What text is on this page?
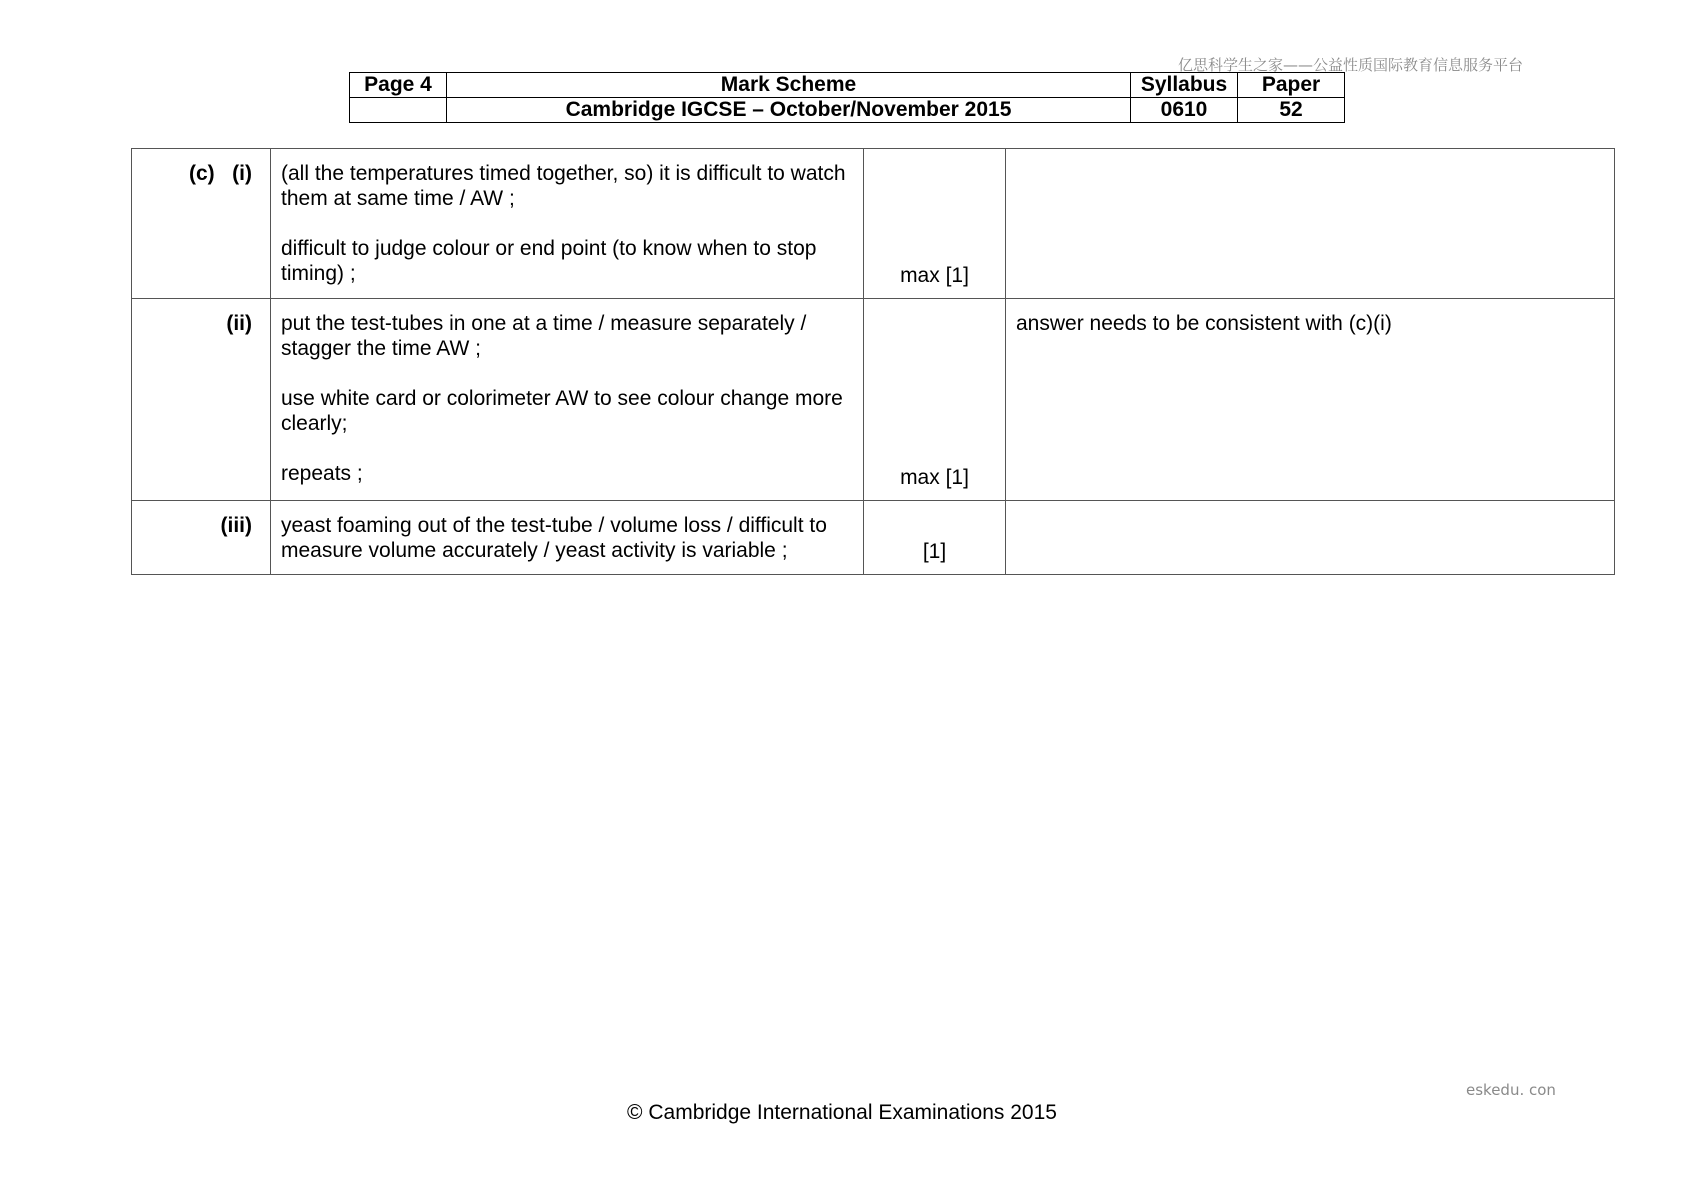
亿思科学生之家——公益性质国际教育信息服务平台
Page 4	Mark Scheme	Syllabus	Paper
	Cambridge IGCSE – October/November 2015	0610	52
(c)   (i)	(all the temperatures timed together, so) it is difficult to watch them at same time / AW ;

difficult to judge colour or end point (to know when to stop timing) ;	max [1]	

(ii)	put the test-tubes in one at a time / measure separately / stagger the time AW ;

use white card or colorimeter AW to see colour change more clearly;

repeats ;	max [1]	answer needs to be consistent with (c)(i)

(iii)	yeast foaming out of the test-tube / volume loss / difficult to measure volume accurately / yeast activity is variable ;	[1]	
eskedu. con
© Cambridge International Examinations 2015
